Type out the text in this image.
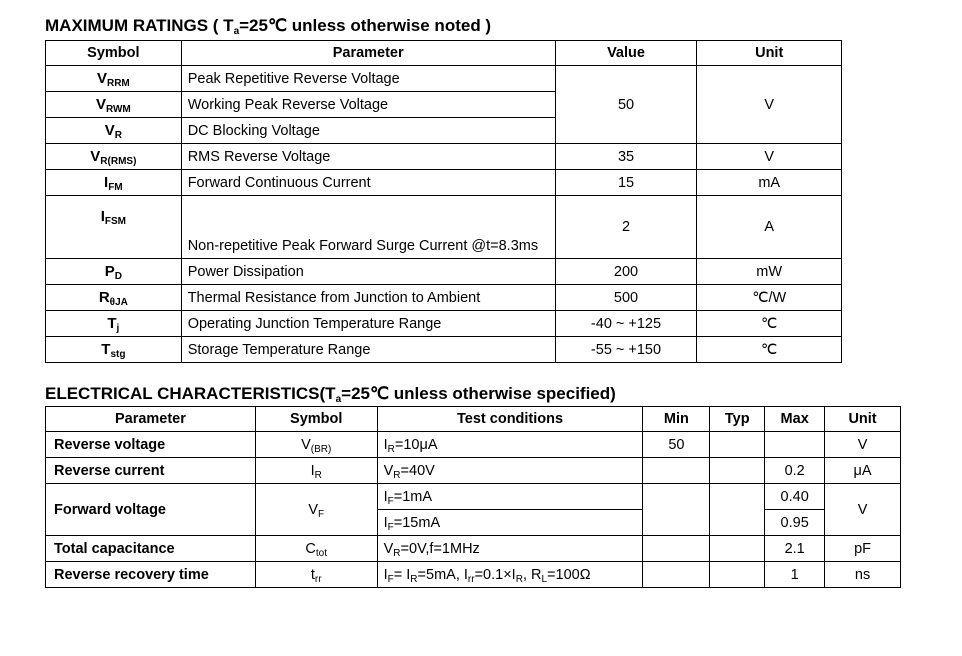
MAXIMUM RATINGS ( $T_a=25℃$ unless otherwise noted )
Symbol	Parameter	Value	Unit
$V_{RRM}$	Peak Repetitive Reverse Voltage	50	V
$V_{RWM}$	Working Peak Reverse Voltage		
$V_R$	DC Blocking Voltage		
$V_{R(RMS)}$	RMS Reverse Voltage	35	V
$I_{FM}$	Forward Continuous Current	15	mA
$I_{FSM}$	Non-repetitive Peak Forward Surge Current @t=8.3ms	2	A
$P_D$	Power Dissipation	200	mW
$R_{\theta JA}$	Thermal Resistance from Junction to Ambient	500	℃/W
$T_j$	Operating Junction Temperature Range	-40 ~ +125	℃
$T_{stg}$	Storage Temperature Range	-55 ~ +150	℃
ELECTRICAL $CHARACTERISTICS(T_a=25℃$ unless otherwise specified)
Parameter	Symbol	Test conditions	Min	Typ	Max	Unit
Reverse voltage	$V_{(BR)}$	$I_R=10\mu A$	50			V
Reverse current	$I_R$	$V_R=40V$			0.2	μA
Forward voltage	$V_F$	$I_F=1mA$			0.40	V
		$I_F=15mA$			0.95	
Total capacitance	$C_{tot}$	$V_R=0V,f=1MHz$			2.1	pF
Reverse recovery time	$t_{rr}$	$I_F= I_R=5mA$, $I_{rr}=0.1\times I_R$, $R_L=100\Omega$			1	ns
